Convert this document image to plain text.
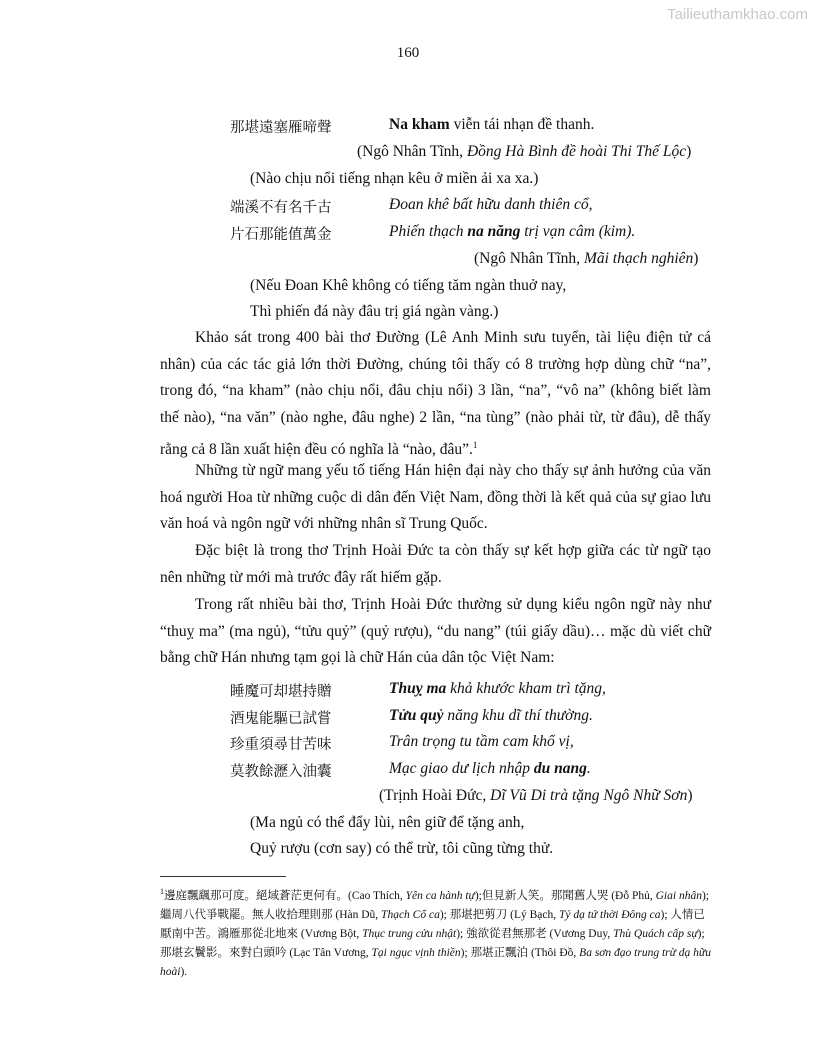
Tailieuthamkhao.com
160
那堪遠塞雁啼聲	Na kham viễn tái nhạn đề thanh.
(Ngô Nhân Tĩnh, Đồng Hà Bình đề hoài Thi Thế Lộc)
(Nào chịu nổi tiếng nhạn kêu ở miền ải xa xa.)
端溪不有名千古	Đoan khê bất hữu danh thiên cổ,
片石那能值萬金	Phiến thạch na năng trị vạn câm (kim).
(Ngô Nhân Tĩnh, Mãi thạch nghiên)
(Nếu Đoan Khê không có tiếng tăm ngàn thuở nay,
Thì phiến đá này đâu trị giá ngàn vàng.)
Khảo sát trong 400 bài thơ Đường (Lê Anh Minh sưu tuyển, tài liệu điện tử cá nhân) của các tác giả lớn thời Đường, chúng tôi thấy có 8 trường hợp dùng chữ “na”, trong đó, “na kham” (nào chịu nổi, đâu chịu nổi) 3 lần, “na”, “vô na” (không biết làm thế nào), “na văn” (nào nghe, đâu nghe) 2 lần, “na tùng” (nào phải từ, từ đâu), dễ thấy rằng cả 8 lần xuất hiện đều có nghĩa là “nào, đâu”.$^1$
Những từ ngữ mang yếu tố tiếng Hán hiện đại này cho thấy sự ảnh hưởng của văn hoá người Hoa từ những cuộc di dân đến Việt Nam, đồng thời là kết quả của sự giao lưu văn hoá và ngôn ngữ với những nhân sĩ Trung Quốc.
Đặc biệt là trong thơ Trịnh Hoài Đức ta còn thấy sự kết hợp giữa các từ ngữ tạo nên những từ mới mà trước đây rất hiếm gặp.
Trong rất nhiều bài thơ, Trịnh Hoài Đức thường sử dụng kiểu ngôn ngữ này như “thuỵ ma” (ma ngủ), “tửu quỷ” (quỷ rượu), “du nang” (túi giấy dầu)… mặc dù viết chữ bằng chữ Hán nhưng tạm gọi là chữ Hán của dân tộc Việt Nam:
睡魔可却堪持贈	Thuỵ ma khả khước kham trì tặng,
酒鬼能驅已試嘗	Tửu quỷ năng khu dĩ thí thường.
珍重須尋甘苦味	Trân trọng tu tầm cam khổ vị,
莫教餘瀝入油囊	Mạc giao dư lịch nhập du nang.
(Trịnh Hoài Đức, Dĩ Vũ Di trà tặng Ngô Nhữ Sơn)
(Ma ngủ có thể đẩy lùi, nên giữ để tặng anh,
Quỷ rượu (cơn say) có thể trừ, tôi cũng từng thử.
$^1$邊庭飄颻那可度。絕域蒼茫更何有。(Cao Thích, Yên ca hành tự);但見新人笑。那聞舊人哭 (Đỗ Phủ, Giai nhân); 繼周八代爭戰罷。無人收拾理則那 (Hàn Dũ, Thạch Cổ ca); 那堪把剪刀 (Lý Bạch, Tý dạ tứ thời Đông ca); 人情已厭南中苦。鴻雁那從北地來 (Vương Bột, Thục trung cửu nhật); 強欲從君無那老 (Vương Duy, Thù Quách cấp sự); 那堪玄鬢影。來對白頭吟 (Lạc Tân Vương, Tại ngục vịnh thiền); 那堪正飄泊 (Thôi Đồ, Ba sơn đạo trung trừ dạ hữu hoài).
